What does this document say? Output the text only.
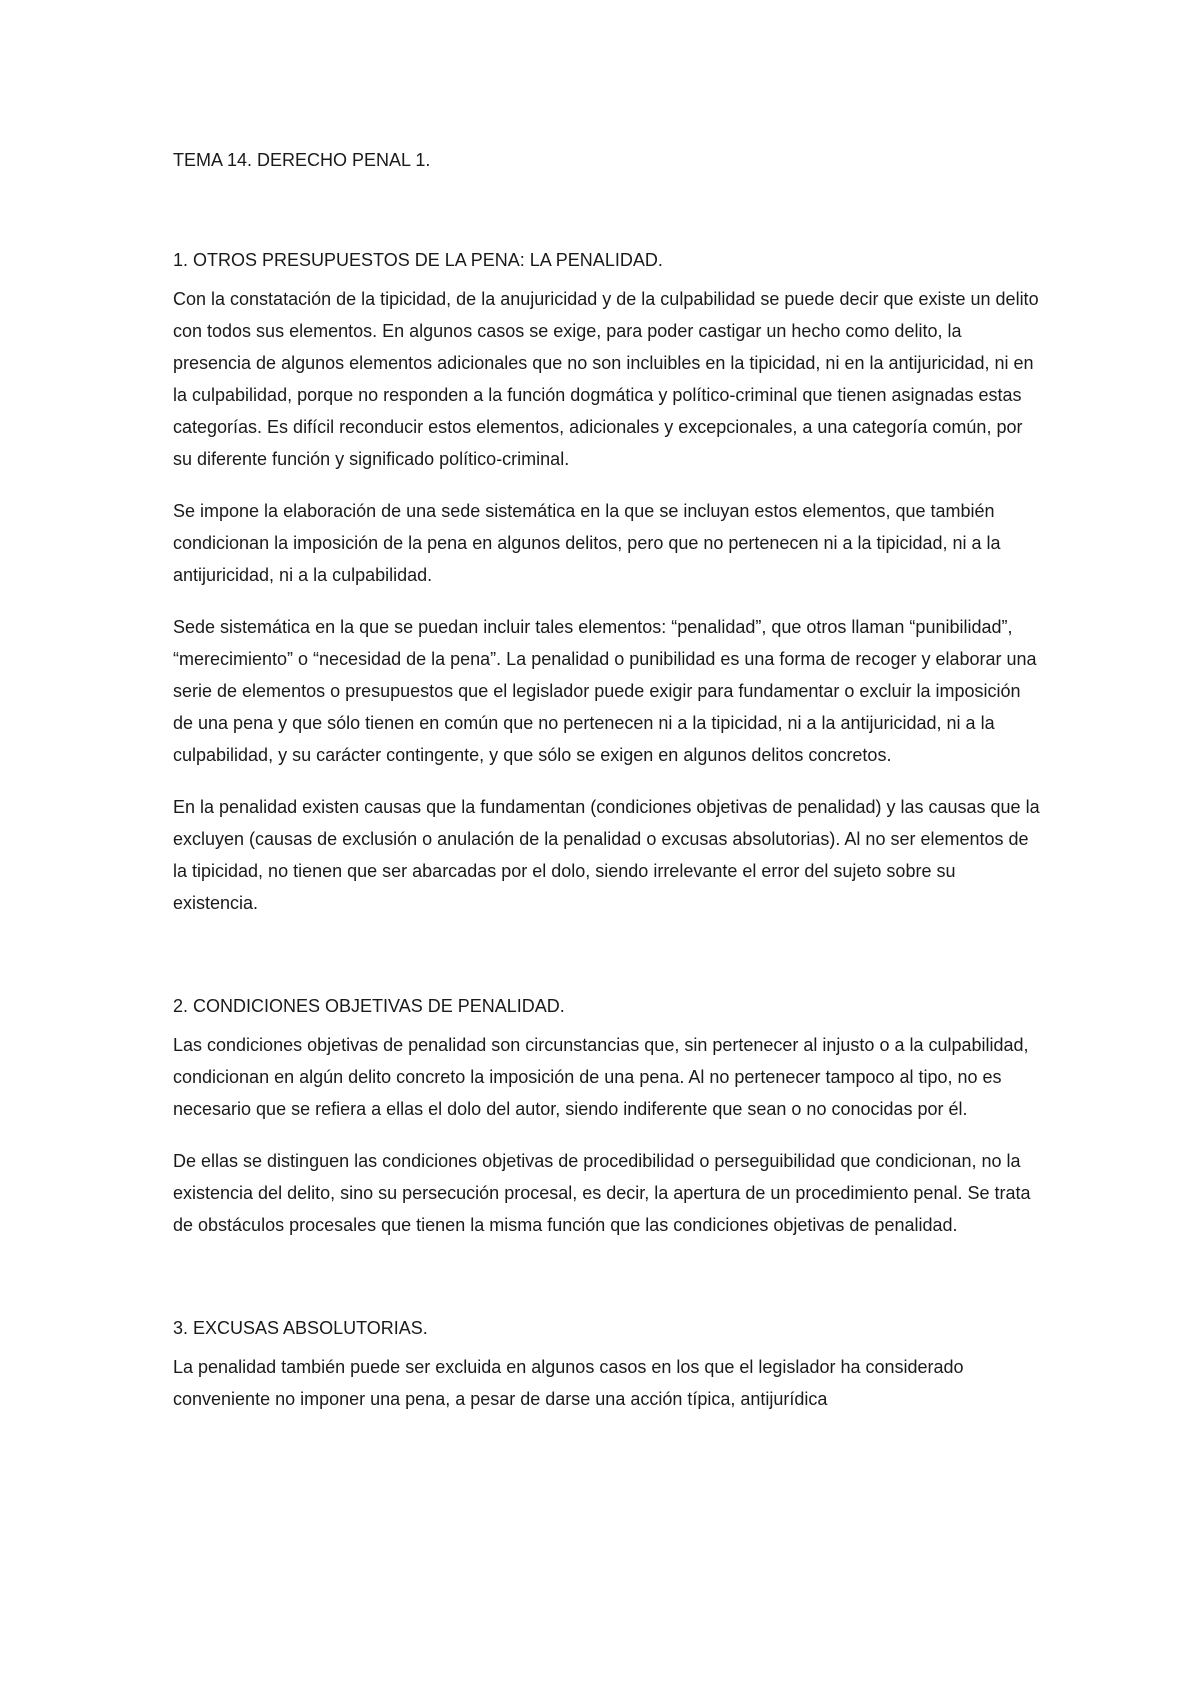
TEMA 14. DERECHO PENAL 1.
1. OTROS PRESUPUESTOS DE LA PENA: LA PENALIDAD.

Con la constatación de la tipicidad, de la anujuricidad y de la culpabilidad se puede decir que existe un delito con todos sus elementos. En algunos casos se exige, para poder castigar un hecho como delito, la presencia de algunos elementos adicionales que no son incluibles en la tipicidad, ni en la antijuricidad, ni en la culpabilidad, porque no responden a la función dogmática y político-criminal que tienen asignadas estas categorías. Es difícil reconducir estos elementos, adicionales y excepcionales, a una categoría común, por su diferente función y significado político-criminal.

Se impone la elaboración de una sede sistemática en la que se incluyan estos elementos, que también condicionan la imposición de la pena en algunos delitos, pero que no pertenecen ni a la tipicidad, ni a la antijuricidad, ni a la culpabilidad.

Sede sistemática en la que se puedan incluir tales elementos: “penalidad”, que otros llaman “punibilidad”, “merecimiento” o “necesidad de la pena”. La penalidad o punibilidad es una forma de recoger y elaborar una serie de elementos o presupuestos que el legislador puede exigir para fundamentar o excluir la imposición de una pena y que sólo tienen en común que no pertenecen ni a la tipicidad, ni a la antijuricidad, ni a la culpabilidad, y su carácter contingente, y que sólo se exigen en algunos delitos concretos.

En la penalidad existen causas que la fundamentan (condiciones objetivas de penalidad) y las causas que la excluyen (causas de exclusión o anulación de la penalidad o excusas absolutorias). Al no ser elementos de la tipicidad, no tienen que ser abarcadas por el dolo, siendo irrelevante el error del sujeto sobre su existencia.

2. CONDICIONES OBJETIVAS DE PENALIDAD.

Las condiciones objetivas de penalidad son circunstancias que, sin pertenecer al injusto o a la culpabilidad, condicionan en algún delito concreto la imposición de una pena. Al no pertenecer tampoco al tipo, no es necesario que se refiera a ellas el dolo del autor, siendo indiferente que sean o no conocidas por él.

De ellas se distinguen las condiciones objetivas de procedibilidad o perseguibilidad que condicionan, no la existencia del delito, sino su persecución procesal, es decir, la apertura de un procedimiento penal. Se trata de obstáculos procesales que tienen la misma función que las condiciones objetivas de penalidad.

3. EXCUSAS ABSOLUTORIAS.

La penalidad también puede ser excluida en algunos casos en los que el legislador ha considerado conveniente no imponer una pena, a pesar de darse una acción típica, antijurídica
